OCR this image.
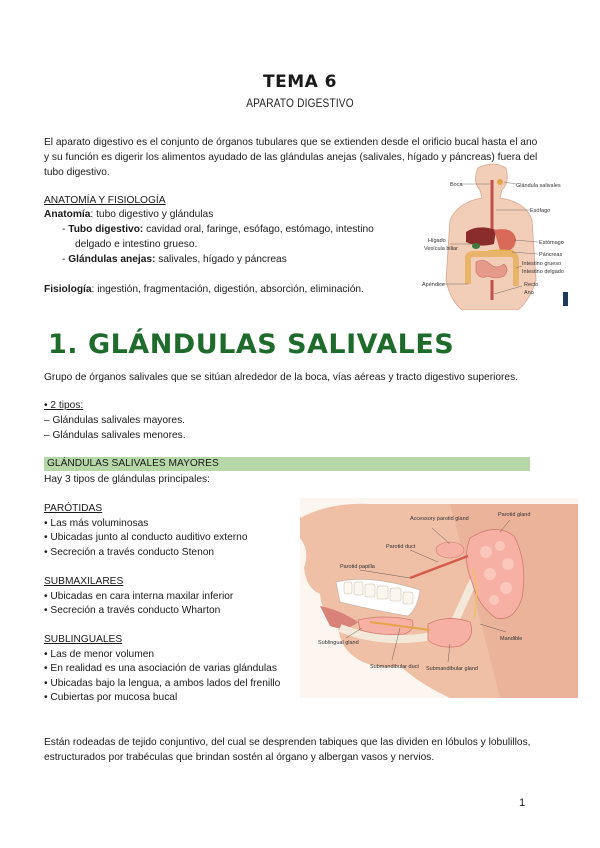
TEMA 6
APARATO DIGESTIVO
El aparato digestivo es el conjunto de órganos tubulares que se extienden desde el orificio bucal hasta el ano y su función es digerir los alimentos ayudado de las glándulas anejas (salivales, hígado y páncreas) fuera del tubo digestivo.
ANATOMÍA Y FISIOLOGÍA
Anatomía: tubo digestivo y glándulas
- Tubo digestivo: cavidad oral, faringe, esófago, estómago, intestino
delgado e intestino grueso.
- Glándulas anejas: salivales, hígado y páncreas
Fisiología: ingestión, fragmentación, digestión, absorción, eliminación.
Boca	Glándula salivales
Esófago
Hígado
Vesícula biliar
Estómago
Páncreas
Intestino grueso
Intestino delgado
Apéndice	Recto
Ano
1. GLÁNDULAS SALIVALES
Grupo de órganos salivales que se sitúan alrededor de la boca, vías aéreas y tracto digestivo superiores.
• 2 tipos:
– Glándulas salivales mayores.
– Glándulas salivales menores.
GLÁNDULAS SALIVALES MAYORES
Hay 3 tipos de glándulas principales:
PARÓTIDAS
• Las más voluminosas
• Ubicadas junto al conducto auditivo externo
• Secreción a través conducto Stenon
SUBMAXILARES
• Ubicadas en cara interna maxilar inferior
• Secreción a través conducto Wharton
SUBLINGUALES
• Las de menor volumen
• En realidad es una asociación de varias glándulas
• Ubicadas bajo la lengua, a ambos lados del frenillo
• Cubiertas por mucosa bucal
Accessory parotid gland
Parotid gland
Parotid duct
Parotid papilla
Sublingual gland
Submandibular duct Submandibular gland
Mandible
Están rodeadas de tejido conjuntivo, del cual se desprenden tabiques que las dividen en lóbulos y lobulillos, estructurados por trabéculas que brindan sostén al órgano y albergan vasos y nervios.
1
